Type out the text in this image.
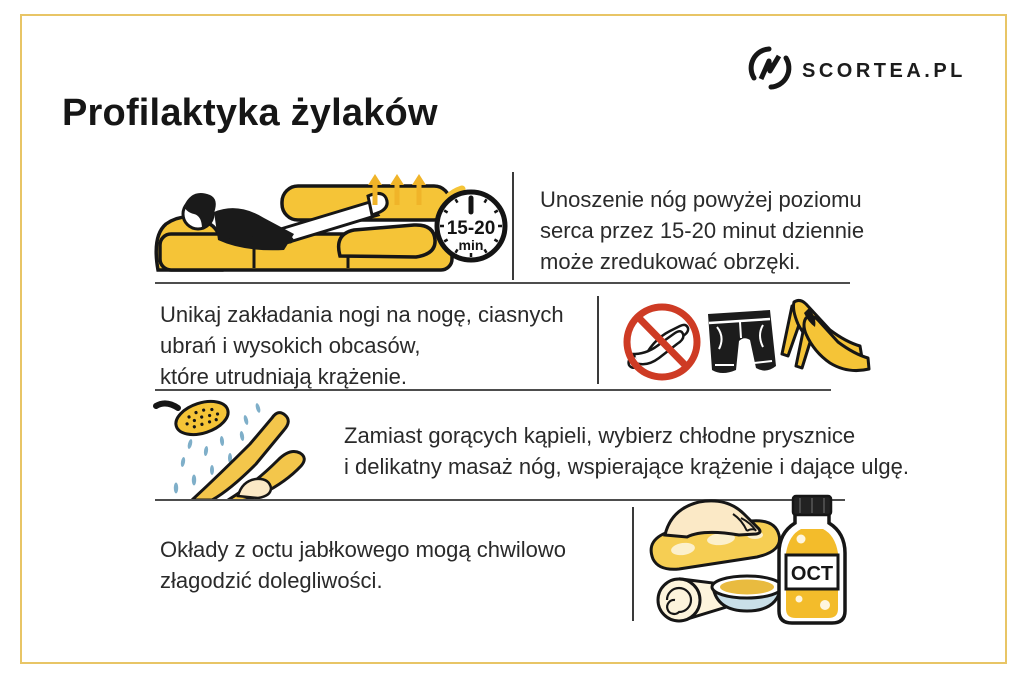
SCORTEA.PL
Profilaktyka żylaków
15-20
min
Unoszenie nóg powyżej poziomu
serca przez 15-20 minut dziennie
może zredukować obrzęki.
Unikaj zakładania nogi na nogę, ciasnych
ubrań i wysokich obcasów,
które utrudniają krążenie.
Zamiast gorących kąpieli, wybierz chłodne prysznice
i delikatny masaż nóg, wspierające krążenie i dające ulgę.
Okłady z octu jabłkowego mogą chwilowo
złagodzić dolegliwości.	OCT
